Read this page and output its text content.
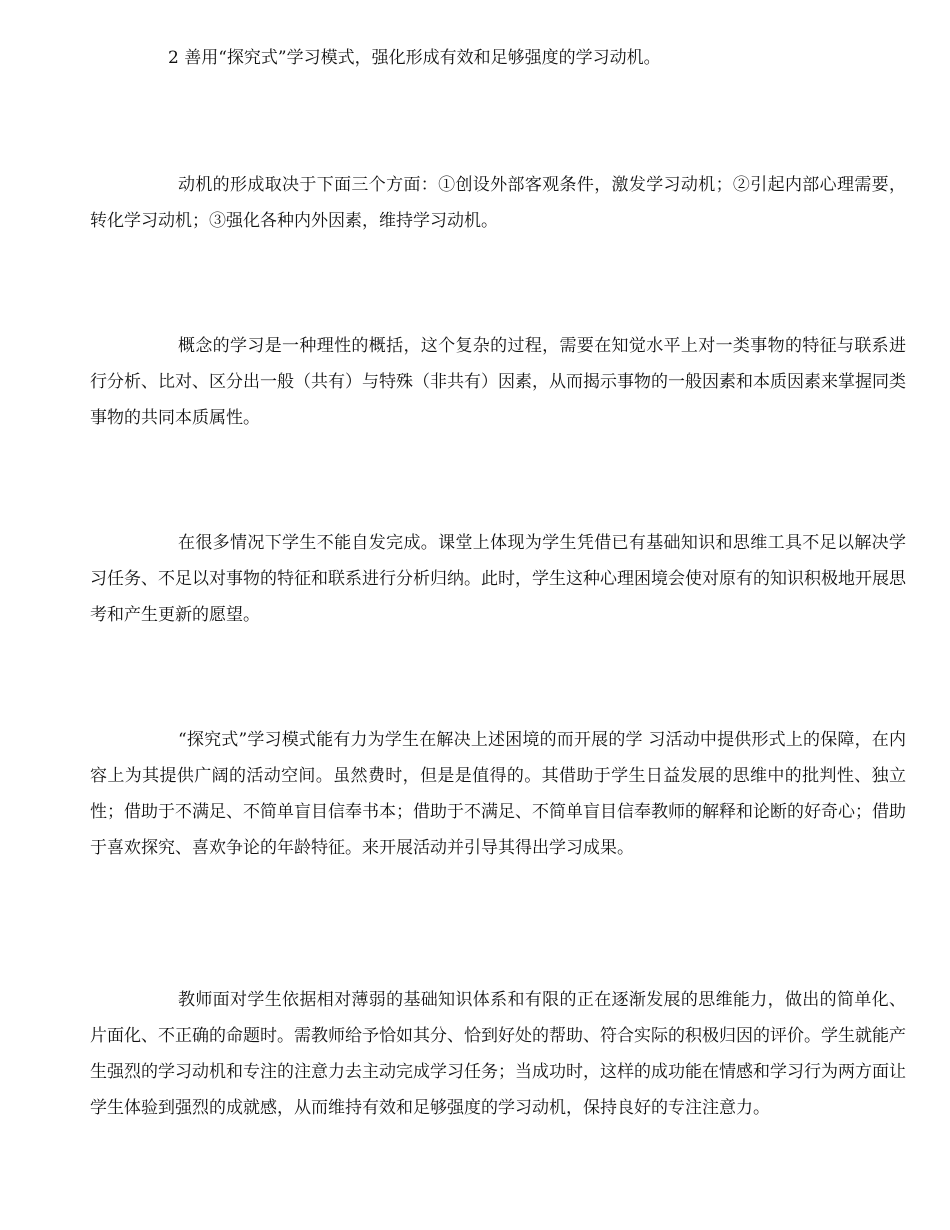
2 善用“探究式”学习模式，强化形成有效和足够强度的学习动机。

动机的形成取决于下面三个方面：①创设外部客观条件，激发学习动机；②引起内部心理需要，转化学习动机；③强化各种内外因素，维持学习动机。

概念的学习是一种理性的概括，这个复杂的过程，需要在知觉水平上对一类事物的特征与联系进行分析、比对、区分出一般（共有）与特殊（非共有）因素，从而揭示事物的一般因素和本质因素来掌握同类事物的共同本质属性。

在很多情况下学生不能自发完成。课堂上体现为学生凭借已有基础知识和思维工具不足以解决学习任务、不足以对事物的特征和联系进行分析归纳。此时，学生这种心理困境会使对原有的知识积极地开展思考和产生更新的愿望。

“探究式”学习模式能有力为学生在解决上述困境的而开展的学 习活动中提供形式上的保障，在内容上为其提供广阔的活动空间。虽然费时，但是是值得的。其借助于学生日益发展的思维中的批判性、独立性；借助于不满足、不简单盲目信奉书本；借助于不满足、不简单盲目信奉教师的解释和论断的好奇心；借助于喜欢探究、喜欢争论的年龄特征。来开展活动并引导其得出学习成果。

教师面对学生依据相对薄弱的基础知识体系和有限的正在逐渐发展的思维能力，做出的简单化、片面化、不正确的命题时。需教师给予恰如其分、恰到好处的帮助、符合实际的积极归因的评价。学生就能产生强烈的学习动机和专注的注意力去主动完成学习任务；当成功时，这样的成功能在情感和学习行为两方面让学生体验到强烈的成就感，从而维持有效和足够强度的学习动机，保持良好的专注注意力。
